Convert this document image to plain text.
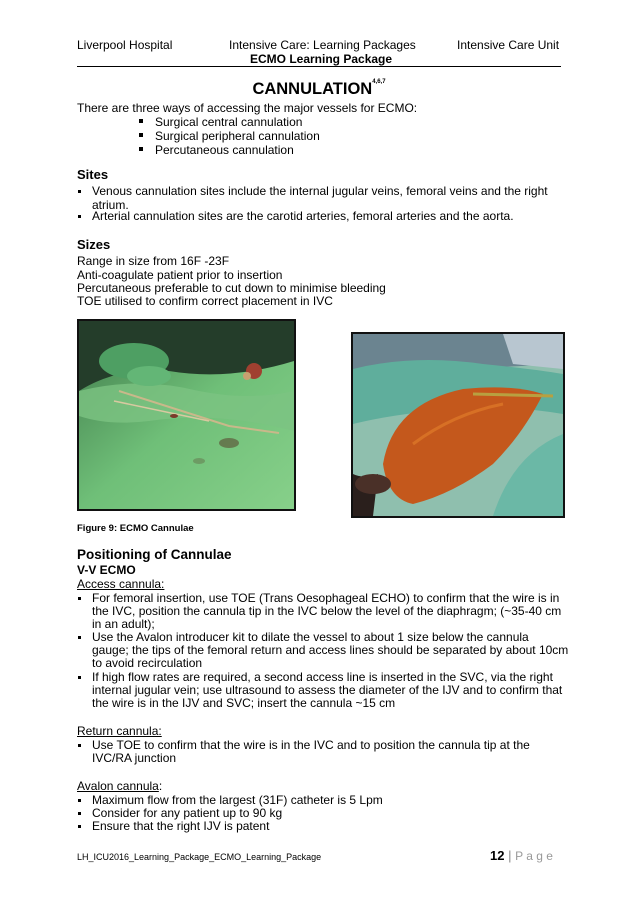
Liverpool Hospital	Intensive Care: Learning Packages
ECMO Learning Package
Intensive Care Unit
CANNULATION$^{4,6,7}$
There are three ways of accessing the major vessels for ECMO:
Surgical central cannulation
Surgical peripheral cannulation
Percutaneous cannulation
Sites
Venous cannulation sites include the internal jugular veins, femoral veins and the right
atrium.
Arterial cannulation sites are the carotid arteries, femoral arteries and the aorta.
Sizes
Range in size from 16F -23F
Anti-coagulate patient prior to insertion
Percutaneous preferable to cut down to minimise bleeding
TOE utilised to confirm correct placement in IVC
Figure 9: ECMO Cannulae
Positioning of Cannulae
V-V ECMO
Access cannula:
For femoral insertion, use TOE (Trans Oesophageal ECHO) to confirm that the wire is in
the IVC, position the cannula tip in the IVC below the level of the diaphragm; (~35-40 cm
in an adult);
Use the Avalon introducer kit to dilate the vessel to about 1 size below the cannula
gauge; the tips of the femoral return and access lines should be separated by about 10cm
to avoid recirculation
If high flow rates are required, a second access line is inserted in the SVC, via the right
internal jugular vein; use ultrasound to assess the diameter of the IJV and to confirm that
the wire is in the IJV and SVC; insert the cannula ~15 cm
Return cannula:
Use TOE to confirm that the wire is in the IVC and to position the cannula tip at the
IVC/RA junction
Avalon cannula:
Maximum flow from the largest (31F) catheter is 5 Lpm
Consider for any patient up to 90 kg
Ensure that the right IJV is patent
LH_ICU2016_Learning_Package_ECMO_Learning_Package	12 | P a g e
